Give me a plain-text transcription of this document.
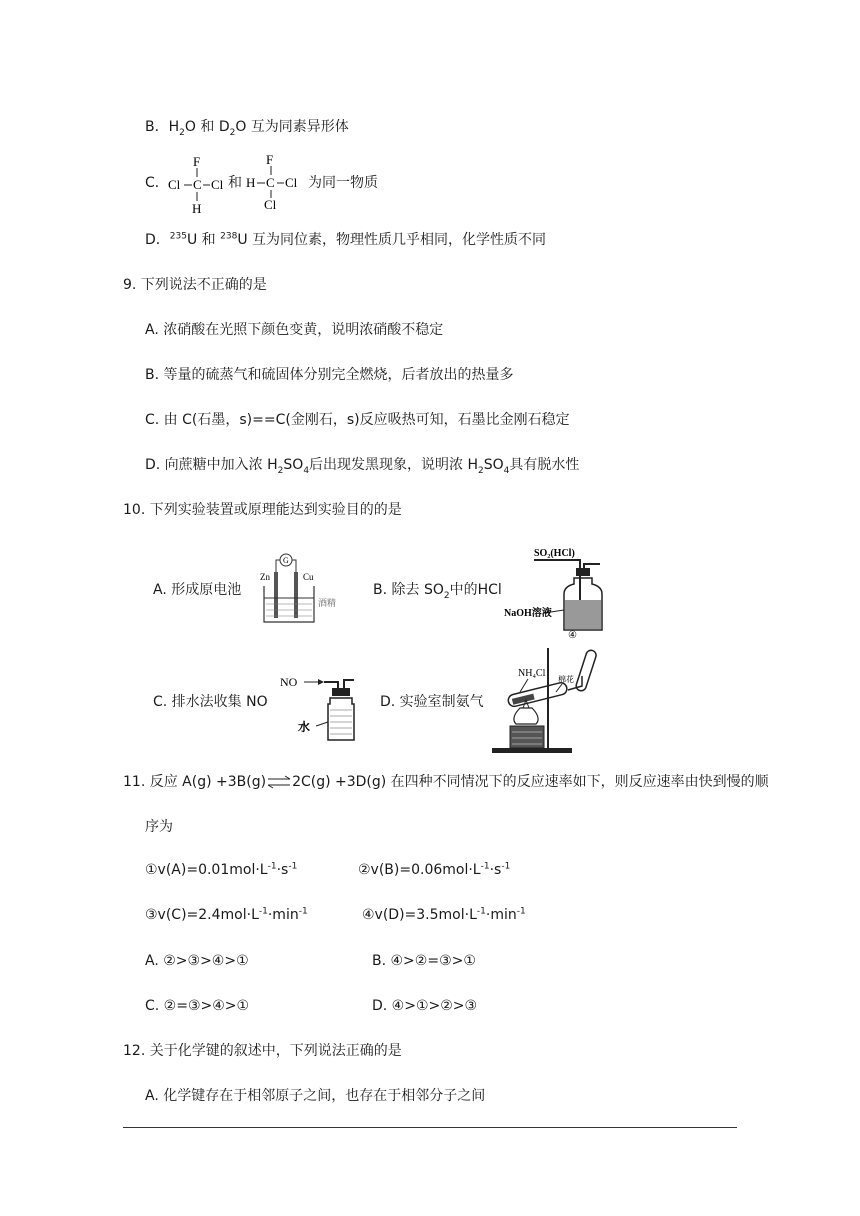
B．$H_2O$ 和 $D_2O$ 互为同素异形体
C．
F
Cl C Cl
H
和
F
H C Cl
Cl
为同一物质
D．$^{235}$U 和 $^{238}$U 互为同位素，物理性质几乎相同，化学性质不同
9. 下列说法不正确的是
A. 浓硝酸在光照下颜色变黄，说明浓硝酸不稳定
B. 等量的硫蒸气和硫固体分别完全燃烧，后者放出的热量多
C. 由 C(石墨，s)==C(金刚石，s)反应吸热可知，石墨比金刚石稳定
D. 向蔗糖中加入浓 $H_2SO_4$后出现发黑现象，说明浓 $H_2SO_4$具有脱水性
10. 下列实验装置或原理能达到实验目的的是
A. 形成原电池
G
Zn	Cu
酒精
B. 除去 $SO_2$中的HCl
SO₂(HCl)
NaOH溶液
④
C. 排水法收集 NO
NO
水
D. 实验室制氨气
NH₄Cl
棉花
11. 反应 A(g) +3B(g)⇌2C(g) +3D(g) 在四种不同情况下的反应速率如下，则反应速率由快到慢的顺
序为
$①v(A)=0.01mol\cdot L^{-1}\cdot s^{-1}$	$②v(B)=0.06mol\cdot L^{-1}\cdot s^{-1}$
$③v(C)=2.4mol\cdot L^{-1}\cdot\min^{-1}$	$④v(D)=3.5mol\cdot L^{-1}\cdot\min^{-1}$
A. ②>③>④>①	B. ④>②=③>①
C. ②=③>④>①	D. ④>①>②>③
12. 关于化学键的叙述中，下列说法正确的是
A. 化学键存在于相邻原子之间，也存在于相邻分子之间
